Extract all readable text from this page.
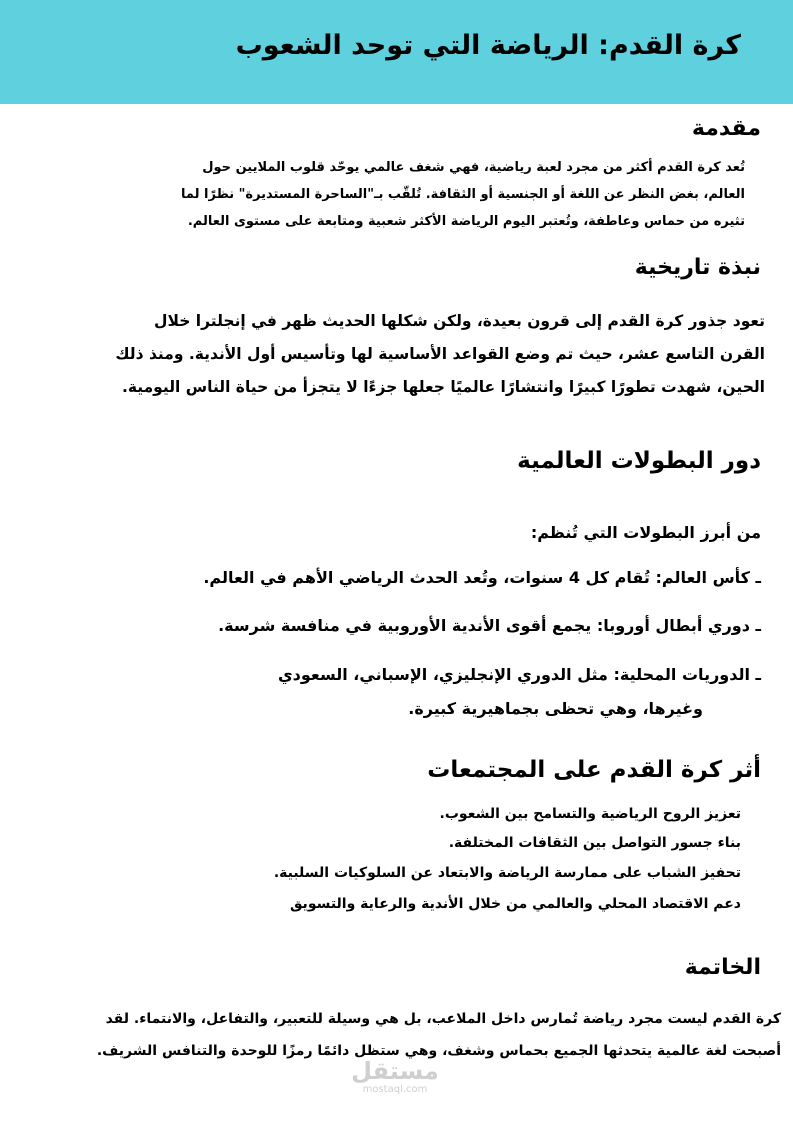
كرة القدم: الرياضة التي توحد الشعوب
مقدمة

تُعد كرة القدم أكثر من مجرد لعبة رياضية، فهي شغف عالمي يوحّد قلوب الملايين حول

العالم، بغض النظر عن اللغة أو الجنسية أو الثقافة. تُلقّب بـ"الساحرة المستديرة" نظرًا لما

تثيره من حماس وعاطفة، وتُعتبر اليوم الرياضة الأكثر شعبية ومتابعة على مستوى العالم.

نبذة تاريخية

تعود جذور كرة القدم إلى قرون بعيدة، ولكن شكلها الحديث ظهر في إنجلترا خلال

القرن التاسع عشر، حيث تم وضع القواعد الأساسية لها وتأسيس أول الأندية. ومنذ ذلك

الحين، شهدت تطورًا كبيرًا وانتشارًا عالميًا جعلها جزءًا لا يتجزأ من حياة الناس اليومية.

دور البطولات العالمية

من أبرز البطولات التي تُنظم:

ـ كأس العالم: تُقام كل 4 سنوات، وتُعد الحدث الرياضي الأهم في العالم.

ـ دوري أبطال أوروبا: يجمع أقوى الأندية الأوروبية في منافسة شرسة.

ـ الدوريات المحلية: مثل الدوري الإنجليزي، الإسباني، السعودي

وغيرها، وهي تحظى بجماهيرية كبيرة.

أثر كرة القدم على المجتمعات

تعزيز الروح الرياضية والتسامح بين الشعوب.

بناء جسور التواصل بين الثقافات المختلفة.

تحفيز الشباب على ممارسة الرياضة والابتعاد عن السلوكيات السلبية.

دعم الاقتصاد المحلي والعالمي من خلال الأندية والرعاية والتسويق

الخاتمة

كرة القدم ليست مجرد رياضة تُمارس داخل الملاعب، بل هي وسيلة للتعبير، والتفاعل، والانتماء. لقد

أصبحت لغة عالمية يتحدثها الجميع بحماس وشغف، وهي ستظل دائمًا رمزًا للوحدة والتنافس الشريف.

مستقل
mostaql.com
